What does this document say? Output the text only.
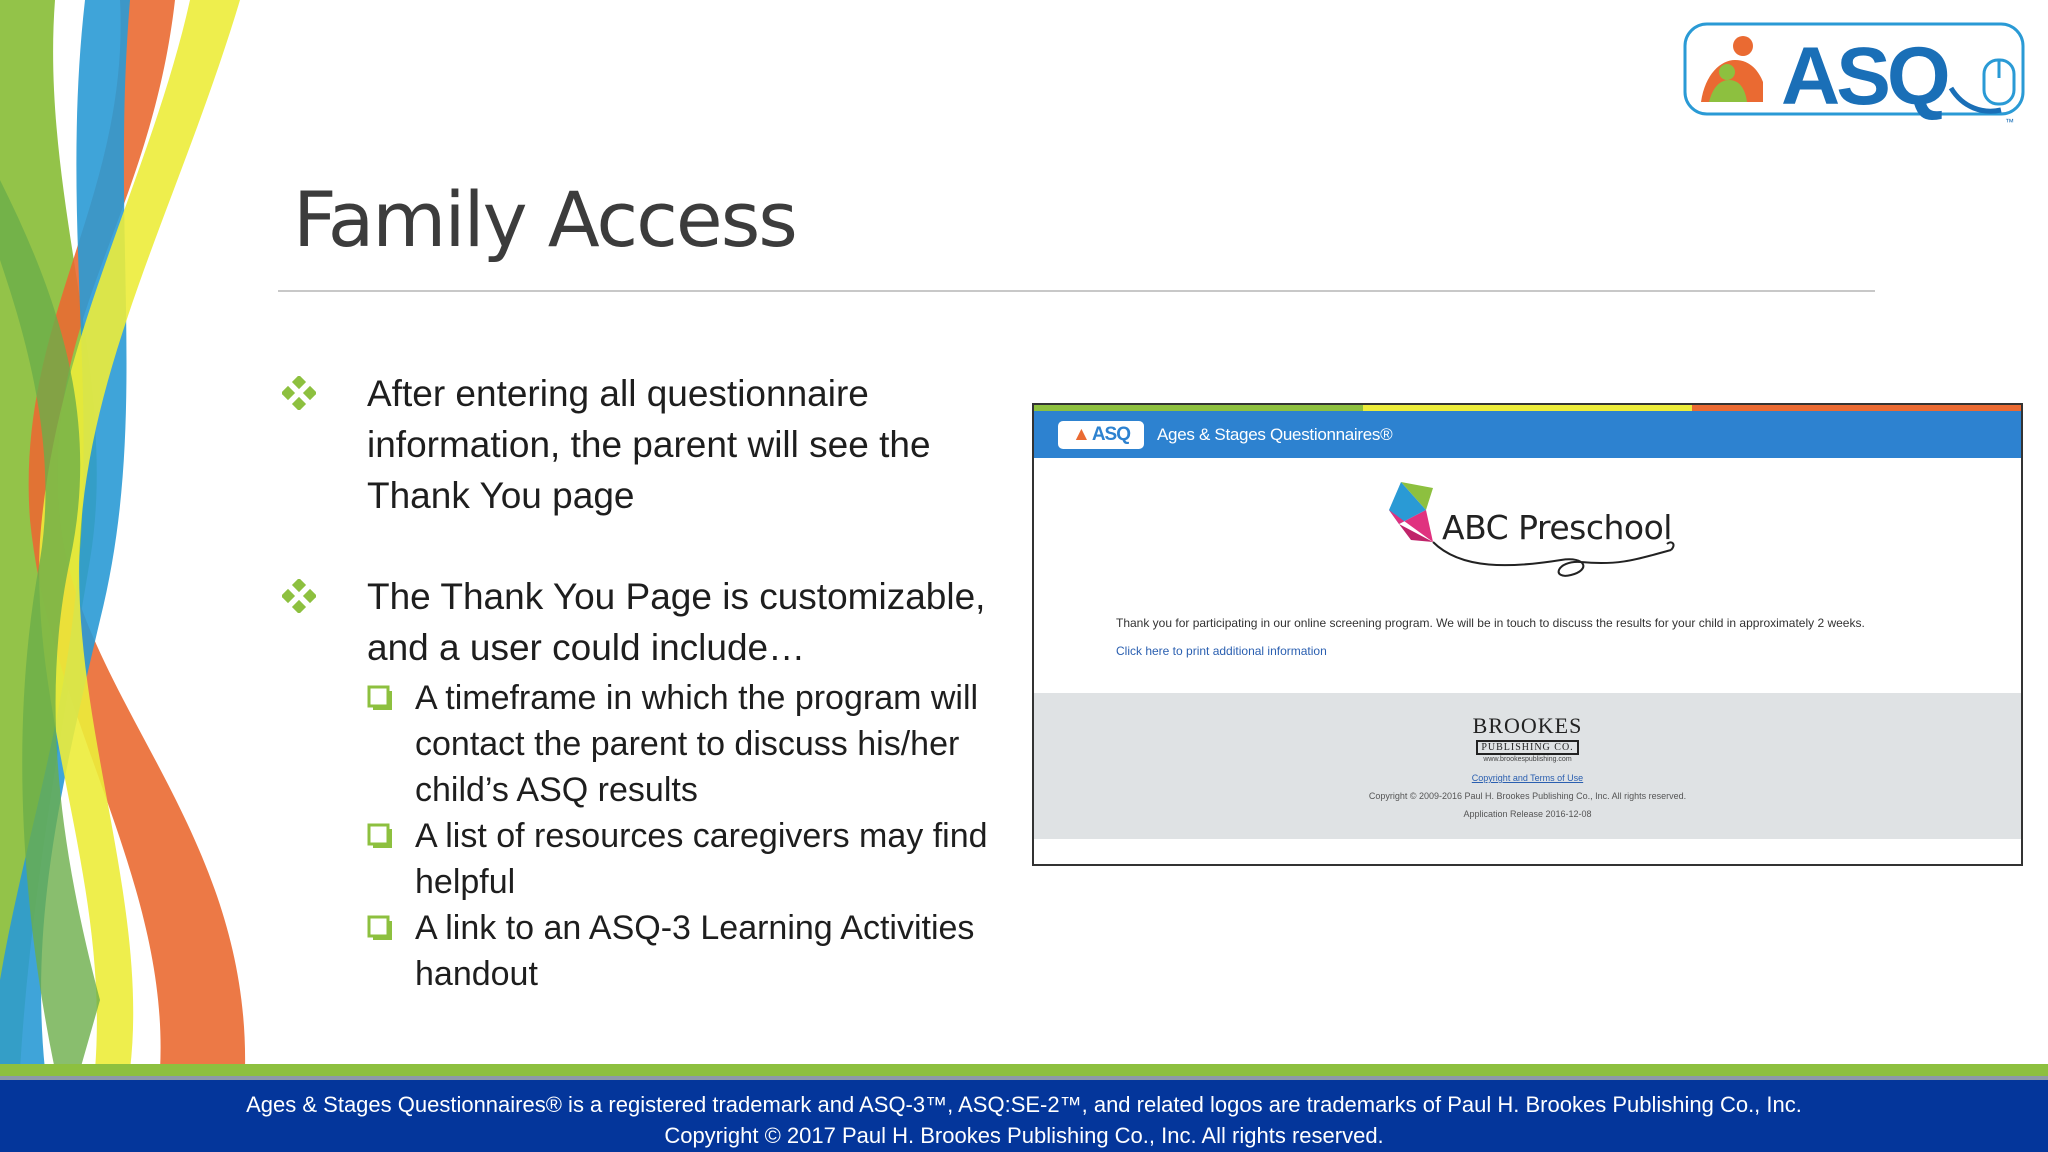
ASQ	™
Family Access
After entering all questionnaire information, the parent will see the Thank You page
The Thank You Page is customizable, and a user could include…
A timeframe in which the program will contact the parent to discuss his/her child’s ASQ results
A list of resources caregivers may find helpful
A link to an ASQ-3 Learning Activities handout
▲ ASQ Ages & Stages Questionnaires®
ABC Preschool
Thank you for participating in our online screening program. We will be in touch to discuss the results for your child in approximately 2 weeks.
Click here to print additional information
BROOKES
PUBLISHING CO.
www.brookespublishing.com
Copyright and Terms of Use
Copyright © 2009-2016 Paul H. Brookes Publishing Co., Inc. All rights reserved.
Application Release 2016-12-08
Ages & Stages Questionnaires® is a registered trademark and ASQ-3™, ASQ:SE-2™, and related logos are trademarks of Paul H. Brookes Publishing Co., Inc.
Copyright © 2017 Paul H. Brookes Publishing Co., Inc. All rights reserved.
